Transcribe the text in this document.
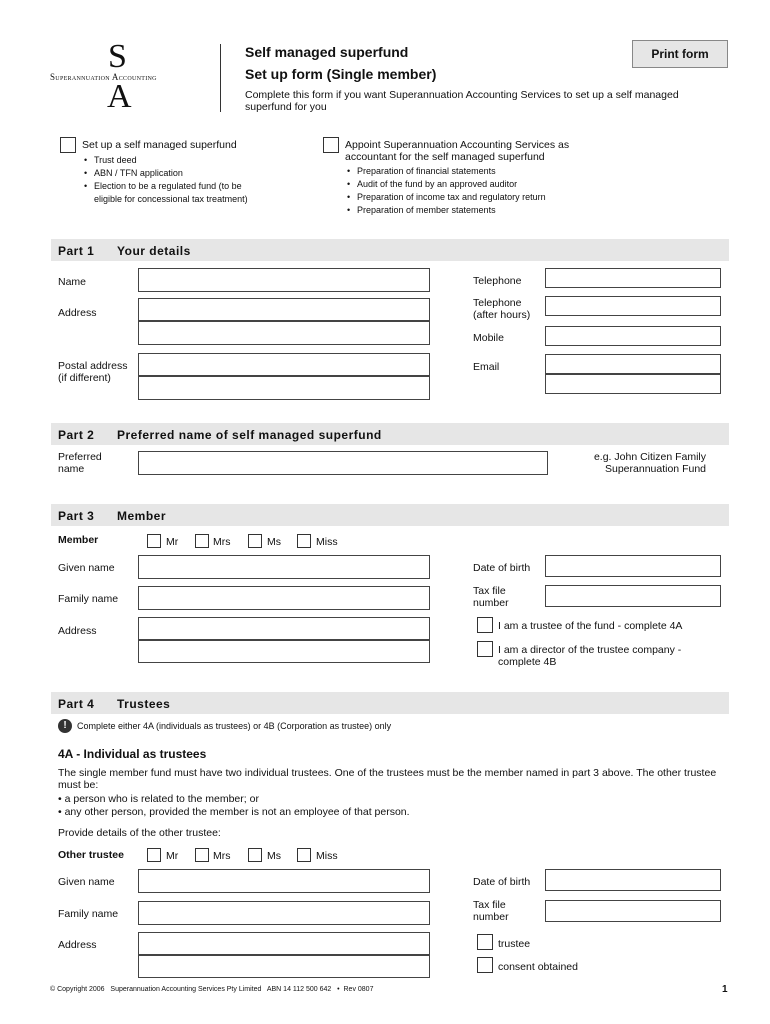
S
Superannuation Accounting
A
Self managed superfund
Set up form (Single member)
Complete this form if you want Superannuation Accounting Services to set up a self managed superfund for you
Print form
Set up a self managed superfund
• Trust deed
• ABN / TFN application
• Election to be a regulated fund (to be eligible for concessional tax treatment)
Appoint Superannuation Accounting Services as accountant for the self managed superfund
• Preparation of financial statements
• Audit of the fund by an approved auditor
• Preparation of income tax and regulatory return
• Preparation of member statements
Part 1 Your details
Name
Address
Postal address (if different)
Telephone
Telephone (after hours)
Mobile
Email
Part 2 Preferred name of self managed superfund
Preferred name
e.g. John Citizen Family Superannuation Fund
Part 3 Member
Member	Mr	Mrs	Ms	Miss
Given name
Family name
Address
Date of birth
Tax file number
I am a trustee of the fund - complete 4A
I am a director of the trustee company - complete 4B
Part 4 Trustees
!	Complete either 4A (individuals as trustees) or 4B (Corporation as trustee) only
4A - Individual as trustees
The single member fund must have two individual trustees. One of the trustees must be the member named in part 3 above. The other trustee must be:
• a person who is related to the member; or
• any other person, provided the member is not an employee of that person.
Provide details of the other trustee:
Other trustee	Mr	Mrs	Ms	Miss
Given name
Family name
Address
Date of birth
Tax file number
trustee
consent obtained
© Copyright 2006   Superannuation Accounting Services Pty Limited   ABN 14 112 500 642   •  Rev 0807	1
